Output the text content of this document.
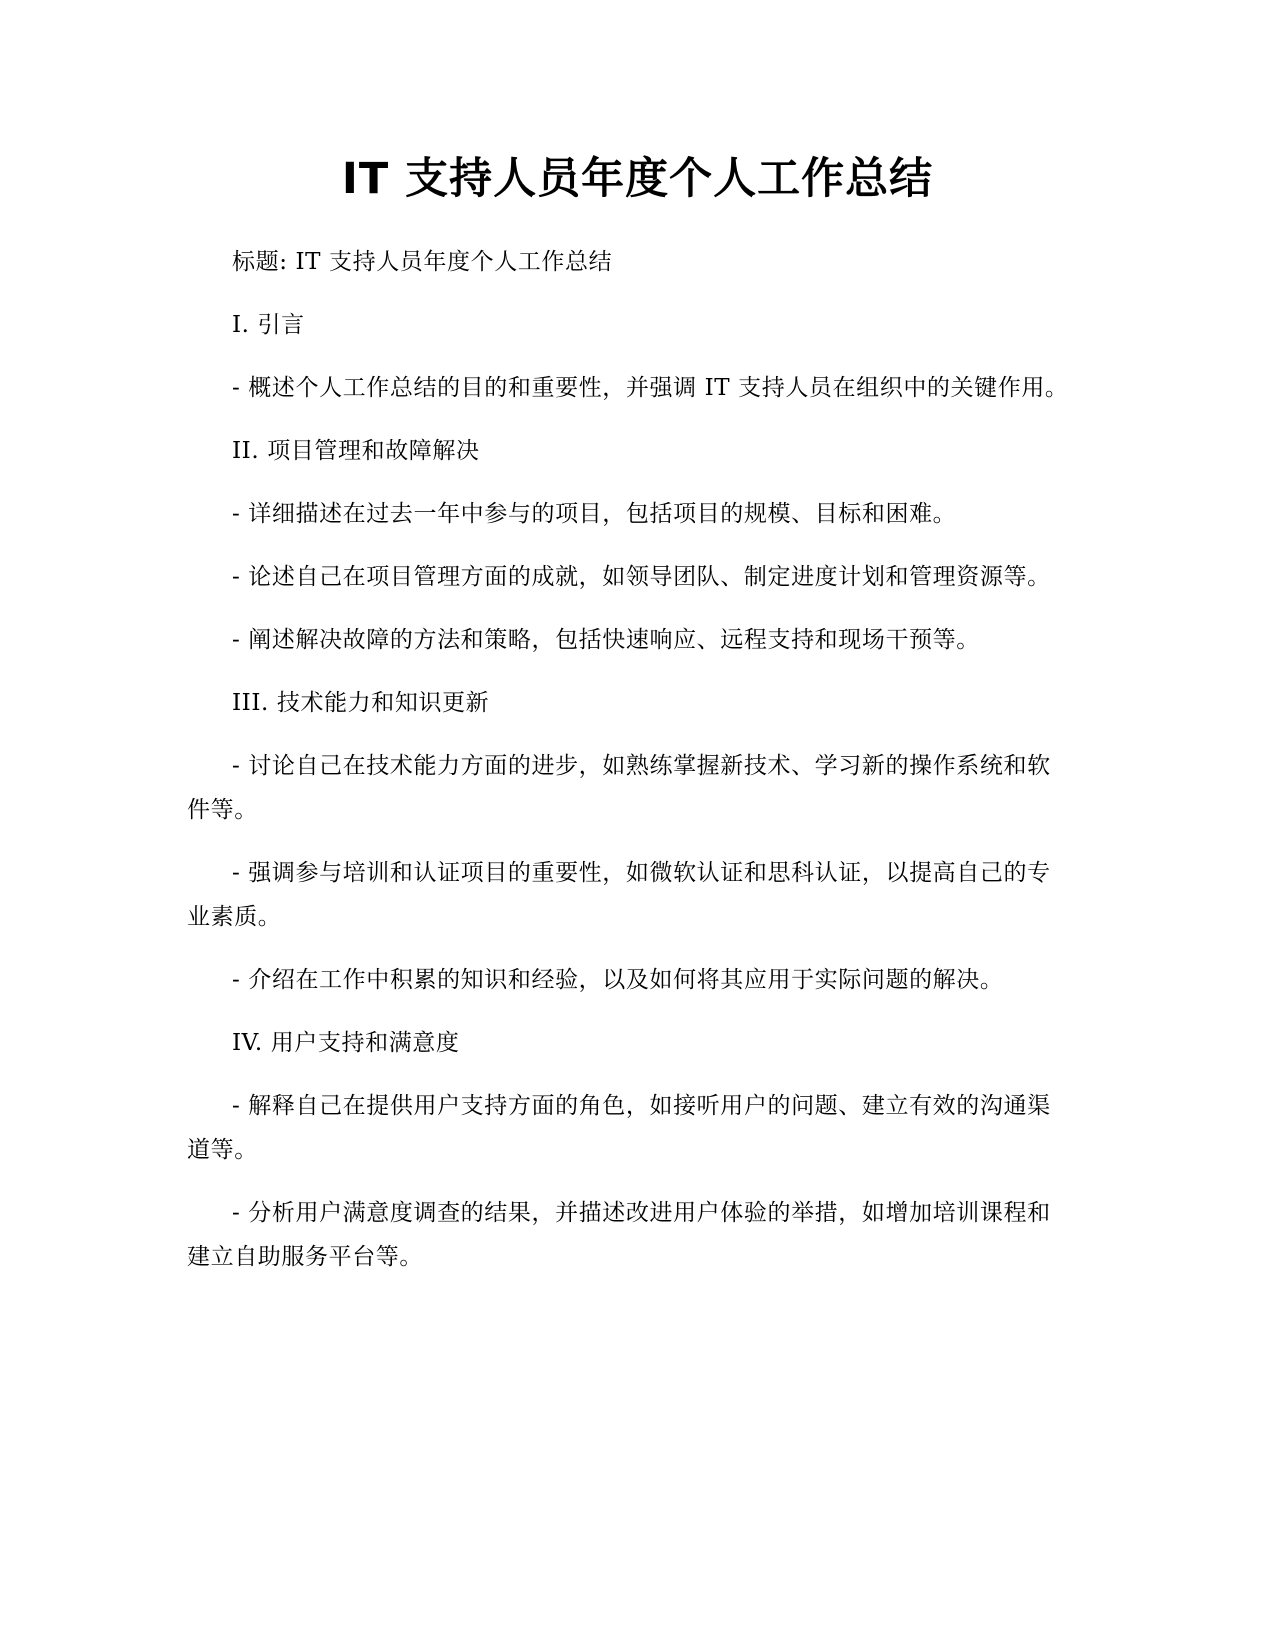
IT 支持人员年度个人工作总结

标题: IT 支持人员年度个人工作总结

I. 引言

- 概述个人工作总结的目的和重要性，并强调 IT 支持人员在组织中的关键作用。

II. 项目管理和故障解决

- 详细描述在过去一年中参与的项目，包括项目的规模、目标和困难。

- 论述自己在项目管理方面的成就，如领导团队、制定进度计划和管理资源等。

- 阐述解决故障的方法和策略，包括快速响应、远程支持和现场干预等。

III. 技术能力和知识更新

- 讨论自己在技术能力方面的进步，如熟练掌握新技术、学习新的操作系统和软件等。

- 强调参与培训和认证项目的重要性，如微软认证和思科认证，以提高自己的专业素质。

- 介绍在工作中积累的知识和经验，以及如何将其应用于实际问题的解决。

IV. 用户支持和满意度

- 解释自己在提供用户支持方面的角色，如接听用户的问题、建立有效的沟通渠道等。

- 分析用户满意度调查的结果，并描述改进用户体验的举措，如增加培训课程和建立自助服务平台等。
